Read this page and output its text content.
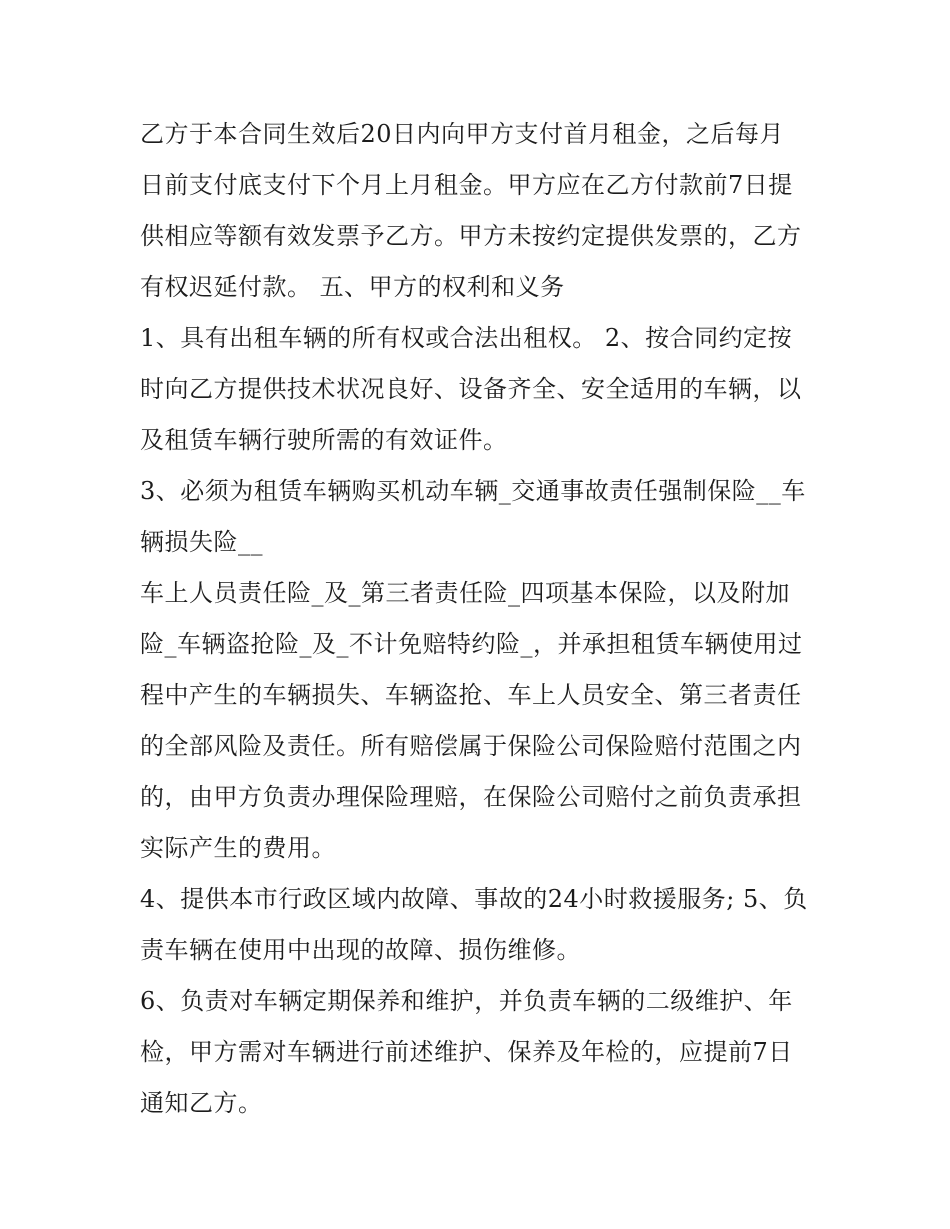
乙方于本合同生效后20日内向甲方支付首月租金，之后每月
日前支付底支付下个月上月租金。甲方应在乙方付款前7日提
供相应等额有效发票予乙方。甲方未按约定提供发票的，乙方
有权迟延付款。 五、甲方的权利和义务
1、具有出租车辆的所有权或合法出租权。 2、按合同约定按
时向乙方提供技术状况良好、设备齐全、安全适用的车辆，以
及租赁车辆行驶所需的有效证件。
3、必须为租赁车辆购买机动车辆_交通事故责任强制保险__车
辆损失险__
车上人员责任险_及_第三者责任险_四项基本保险，以及附加
险_车辆盗抢险_及_不计免赔特约险_，并承担租赁车辆使用过
程中产生的车辆损失、车辆盗抢、车上人员安全、第三者责任
的全部风险及责任。所有赔偿属于保险公司保险赔付范围之内
的，由甲方负责办理保险理赔，在保险公司赔付之前负责承担
实际产生的费用。
4、提供本市行政区域内故障、事故的24小时救援服务; 5、负
责车辆在使用中出现的故障、损伤维修。
6、负责对车辆定期保养和维护，并负责车辆的二级维护、年
检，甲方需对车辆进行前述维护、保养及年检的，应提前7日
通知乙方。
